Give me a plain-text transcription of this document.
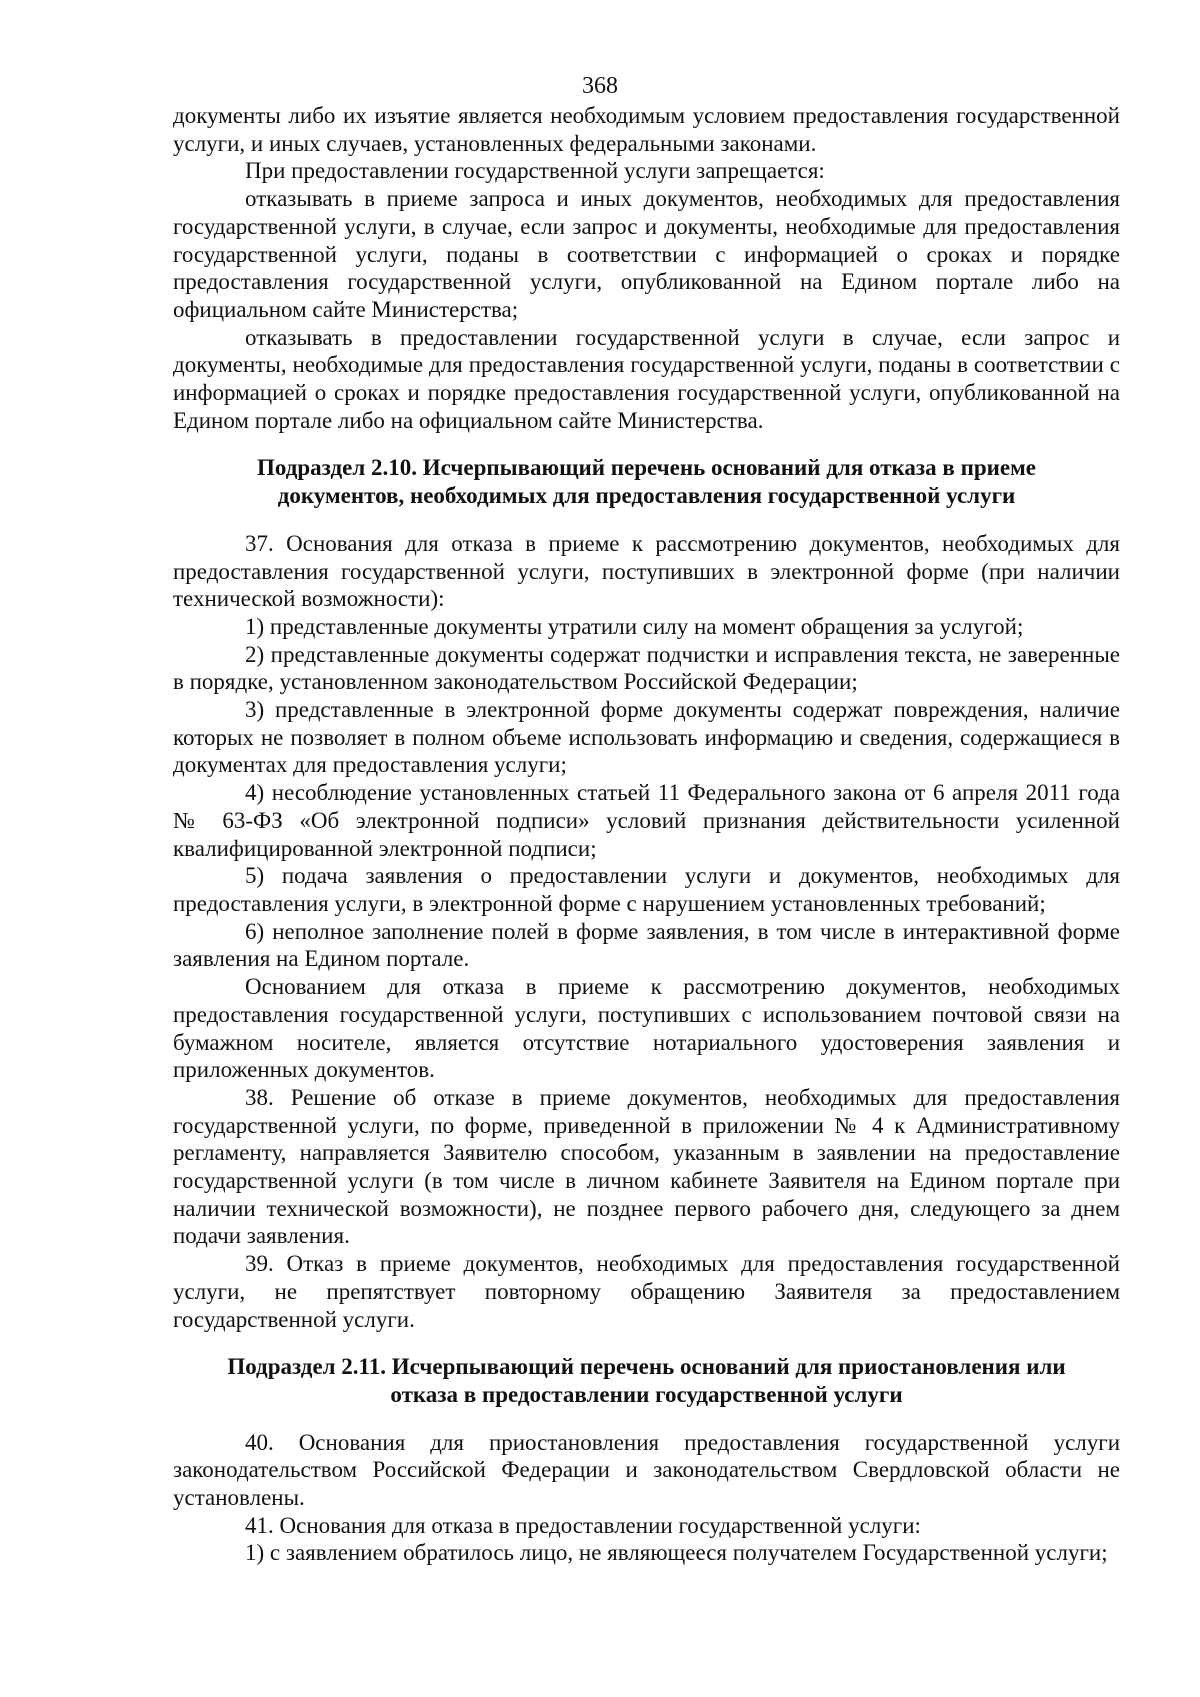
368

документы либо их изъятие является необходимым условием предоставления государственной услуги, и иных случаев, установленных федеральными законами.

При предоставлении государственной услуги запрещается:

отказывать в приеме запроса и иных документов, необходимых для предоставления государственной услуги, в случае, если запрос и документы, необходимые для предоставления государственной услуги, поданы в соответствии с информацией о сроках и порядке предоставления государственной услуги, опубликованной на Едином портале либо на официальном сайте Министерства;

отказывать в предоставлении государственной услуги в случае, если запрос и документы, необходимые для предоставления государственной услуги, поданы в соответствии с информацией о сроках и порядке предоставления государственной услуги, опубликованной на Едином портале либо на официальном сайте Министерства.

Подраздел 2.10. Исчерпывающий перечень оснований для отказа в приеме документов, необходимых для предоставления государственной услуги

37. Основания для отказа в приеме к рассмотрению документов, необходимых для предоставления государственной услуги, поступивших в электронной форме (при наличии технической возможности):

1) представленные документы утратили силу на момент обращения за услугой;

2) представленные документы содержат подчистки и исправления текста, не заверенные в порядке, установленном законодательством Российской Федерации;

3) представленные в электронной форме документы содержат повреждения, наличие которых не позволяет в полном объеме использовать информацию и сведения, содержащиеся в документах для предоставления услуги;

4) несоблюдение установленных статьей 11 Федерального закона от 6 апреля 2011 года № 63-ФЗ «Об электронной подписи» условий признания действительности усиленной квалифицированной электронной подписи;

5) подача заявления о предоставлении услуги и документов, необходимых для предоставления услуги, в электронной форме с нарушением установленных требований;

6) неполное заполнение полей в форме заявления, в том числе в интерактивной форме заявления на Едином портале.

Основанием для отказа в приеме к рассмотрению документов, необходимых предоставления государственной услуги, поступивших с использованием почтовой связи на бумажном носителе, является отсутствие нотариального удостоверения заявления и приложенных документов.

38. Решение об отказе в приеме документов, необходимых для предоставления государственной услуги, по форме, приведенной в приложении № 4 к Административному регламенту, направляется Заявителю способом, указанным в заявлении на предоставление государственной услуги (в том числе в личном кабинете Заявителя на Едином портале при наличии технической возможности), не позднее первого рабочего дня, следующего за днем подачи заявления.

39. Отказ в приеме документов, необходимых для предоставления государственной услуги, не препятствует повторному обращению Заявителя за предоставлением государственной услуги.

Подраздел 2.11. Исчерпывающий перечень оснований для приостановления или отказа в предоставлении государственной услуги

40. Основания для приостановления предоставления государственной услуги законодательством Российской Федерации и законодательством Свердловской области не установлены.

41. Основания для отказа в предоставлении государственной услуги:

1) с заявлением обратилось лицо, не являющееся получателем Государственной услуги;
